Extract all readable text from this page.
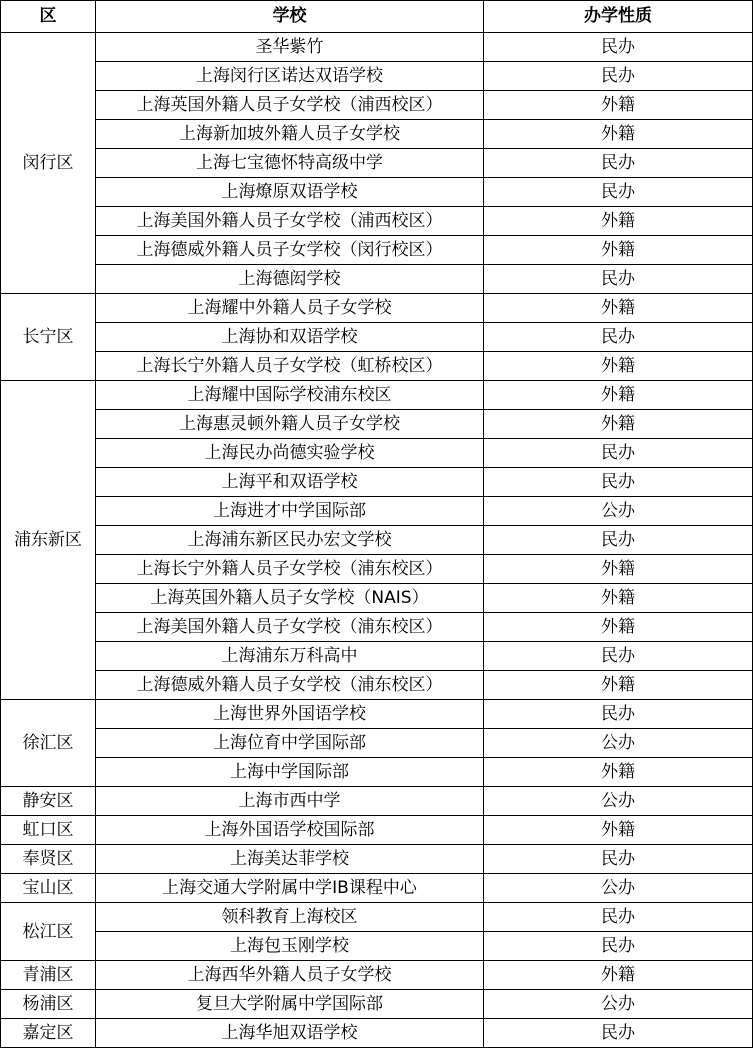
区	学校	办学性质
闵行区	圣华紫竹	民办
	上海闵行区诺达双语学校	民办
	上海英国外籍人员子女学校（浦西校区）	外籍
	上海新加坡外籍人员子女学校	外籍
	上海七宝德怀特高级中学	民办
	上海燎原双语学校	民办
	上海美国外籍人员子女学校（浦西校区）	外籍
	上海德威外籍人员子女学校（闵行校区）	外籍
	上海德闳学校	民办
长宁区	上海耀中外籍人员子女学校	外籍
	上海协和双语学校	民办
	上海长宁外籍人员子女学校（虹桥校区）	外籍
浦东新区	上海耀中国际学校浦东校区	外籍
	上海惠灵顿外籍人员子女学校	外籍
	上海民办尚德实验学校	民办
	上海平和双语学校	民办
	上海进才中学国际部	公办
	上海浦东新区民办宏文学校	民办
	上海长宁外籍人员子女学校（浦东校区）	外籍
	上海英国外籍人员子女学校（NAIS）	外籍
	上海美国外籍人员子女学校（浦东校区）	外籍
	上海浦东万科高中	民办
	上海德威外籍人员子女学校（浦东校区）	外籍
徐汇区	上海世界外国语学校	民办
	上海位育中学国际部	公办
	上海中学国际部	外籍
静安区	上海市西中学	公办
虹口区	上海外国语学校国际部	外籍
奉贤区	上海美达菲学校	民办
宝山区	上海交通大学附属中学IB课程中心	公办
松江区	领科教育上海校区	民办
	上海包玉刚学校	民办
青浦区	上海西华外籍人员子女学校	外籍
杨浦区	复旦大学附属中学国际部	公办
嘉定区	上海华旭双语学校	民办
